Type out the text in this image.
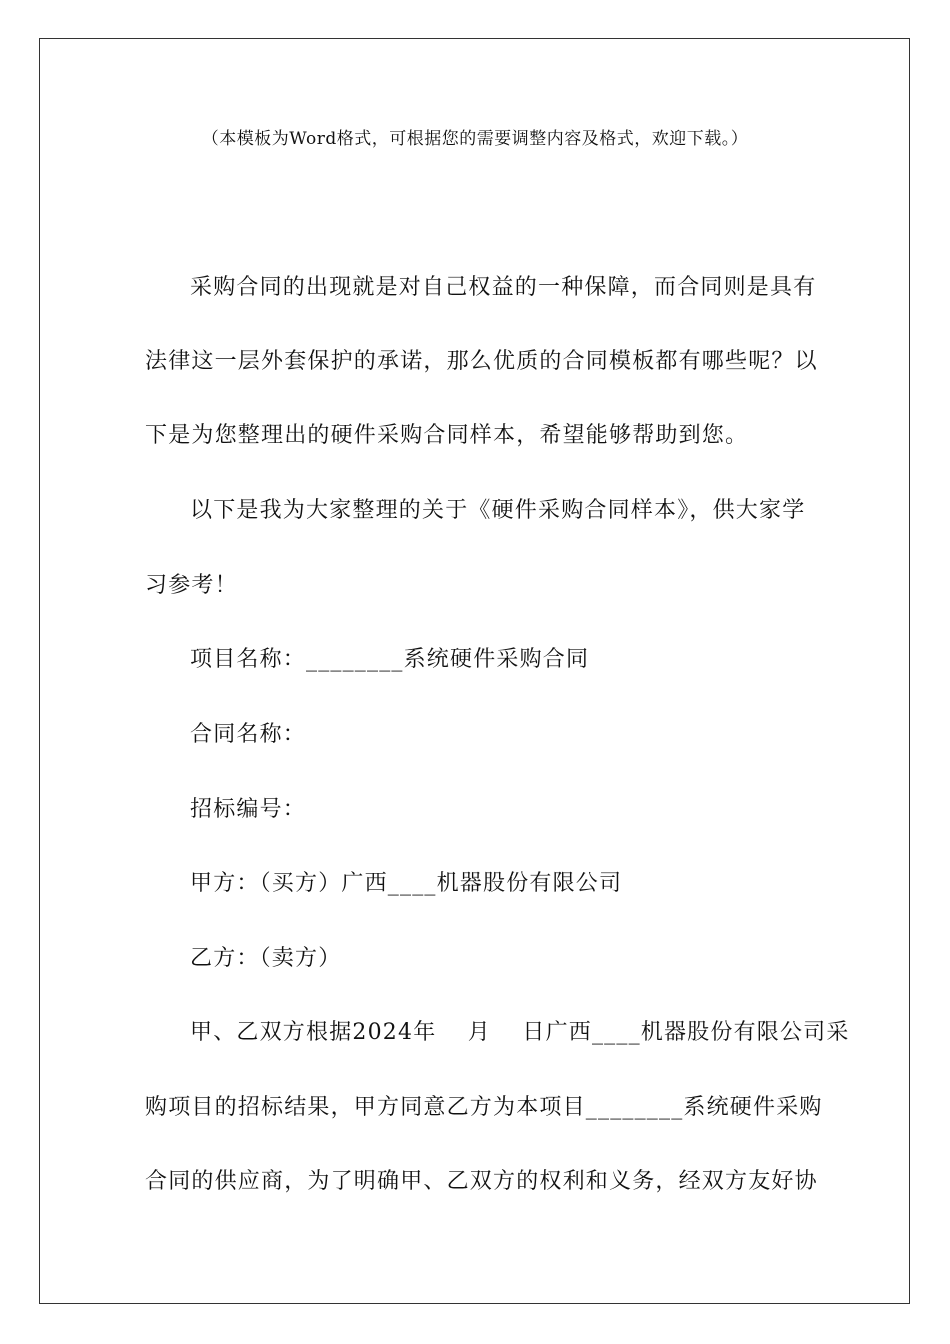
（本模板为Word格式，可根据您的需要调整内容及格式，欢迎下载。）
采购合同的出现就是对自己权益的一种保障，而合同则是具有
法律这一层外套保护的承诺，那么优质的合同模板都有哪些呢？以
下是为您整理出的硬件采购合同样本，希望能够帮助到您。
以下是我为大家整理的关于《硬件采购合同样本》，供大家学
习参考！
项目名称：________系统硬件采购合同
合同名称：
招标编号：
甲方：（买方）广西____机器股份有限公司
乙方：（卖方）
甲、乙双方根据2024年　 月　 日广西____机器股份有限公司采
购项目的招标结果，甲方同意乙方为本项目________系统硬件采购
合同的供应商，为了明确甲、乙双方的权利和义务，经双方友好协
